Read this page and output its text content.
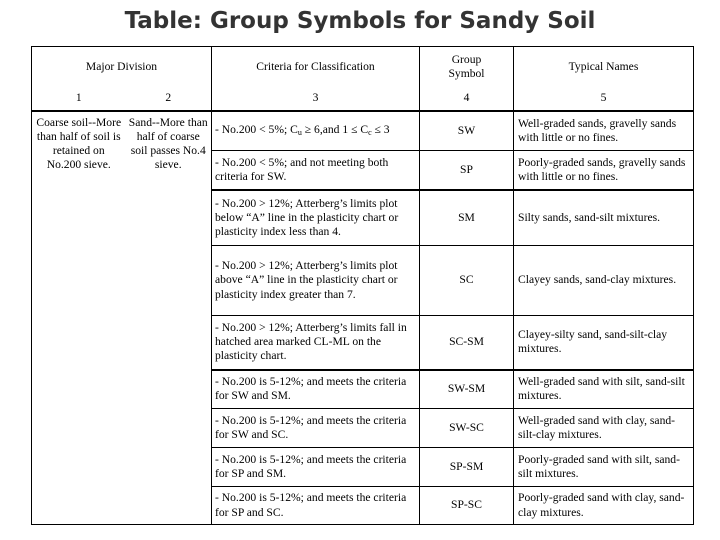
Table: Group Symbols for Sandy Soil
Major Division		Criteria for Classification	Group Symbol	Typical Names
1	2	3	4	5
Coarse soil--More than half of soil is retained on No.200 sieve.	Sand--More than half of coarse soil passes No.4 sieve.	- No.200 < 5%; $C_u \ge 6,and$ $1 \le C_c \le 3$	SW	Well-graded sands, gravelly sands with little or no fines.
		- No.200 < 5%; and not meeting both criteria for SW.	SP	Poorly-graded sands, gravelly sands with little or no fines.
		- No.200 > 12%; Atterberg’s limits plot below “A” line in the plasticity chart or plasticity index less than 4.	SM	Silty sands, sand-silt mixtures.
		- No.200 > 12%; Atterberg’s limits plot above “A” line in the plasticity chart or plasticity index greater than 7.	SC	Clayey sands, sand-clay mixtures.
		- No.200 > 12%; Atterberg’s limits fall in hatched area marked CL-ML on the plasticity chart.	SC-SM	Clayey-silty sand, sand-silt-clay mixtures.
		- No.200 is 5-12%; and meets the criteria for SW and SM.	SW-SM	Well-graded sand with silt, sand-silt mixtures.
		- No.200 is 5-12%; and meets the criteria for SW and SC.	SW-SC	Well-graded sand with clay, sand-silt-clay mixtures.
		- No.200 is 5-12%; and meets the criteria for SP and SM.	SP-SM	Poorly-graded sand with silt, sand-silt mixtures.
		- No.200 is 5-12%; and meets the criteria for SP and SC.	SP-SC	Poorly-graded sand with clay, sand-clay mixtures.
